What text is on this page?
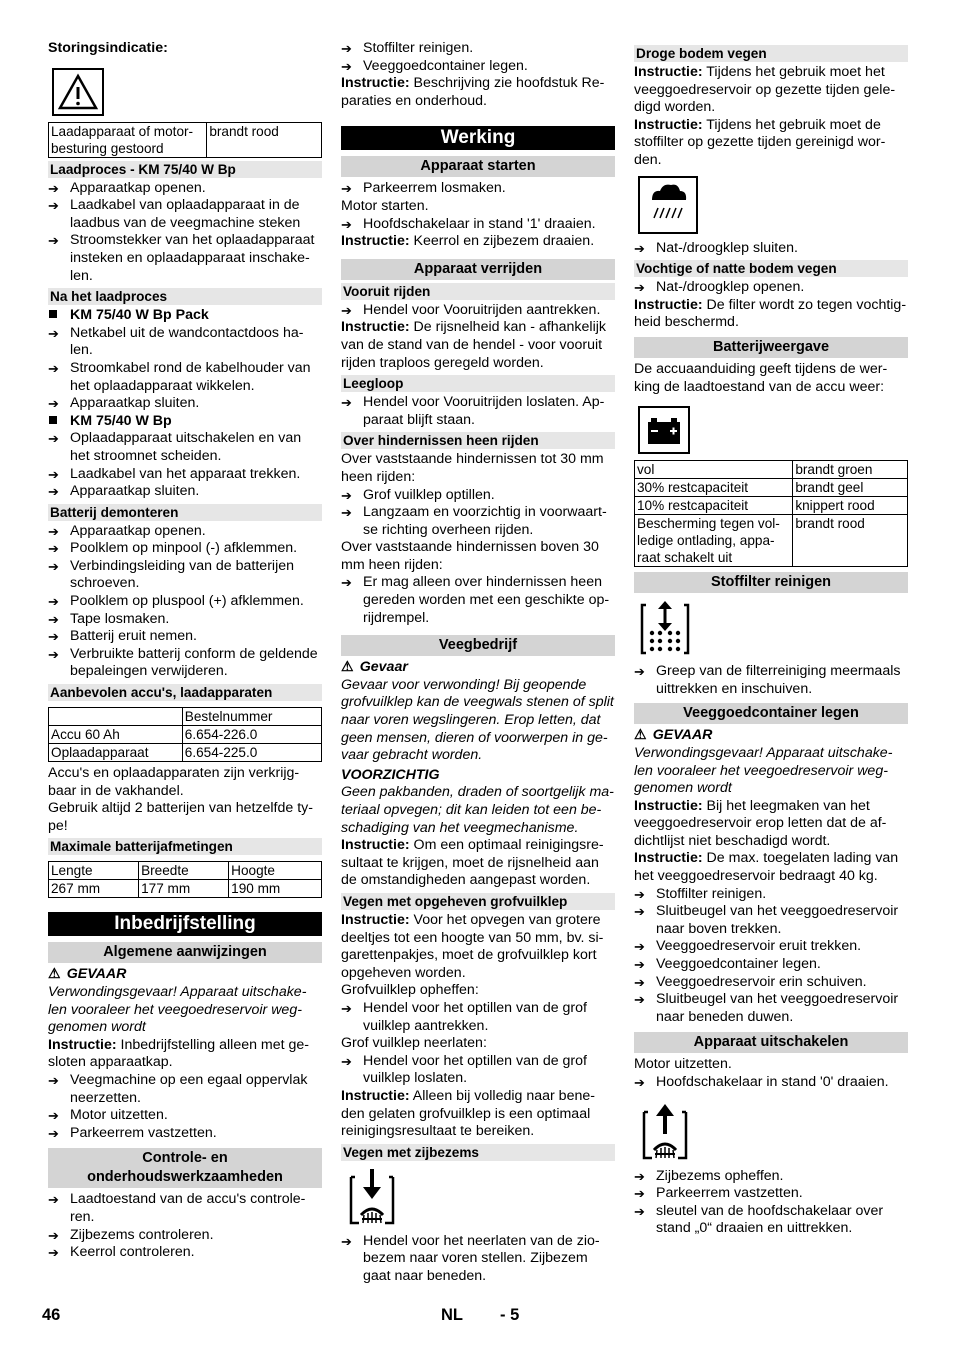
Storingsindicatie:
Laadapparaat of motor-besturing gestoord	brandt rood
Laadproces - KM 75/40 W Bp
➔ Apparaatkap openen.
➔ Laadkabel van oplaadapparaat in de laadbus van de veegmachine steken
➔ Stroomstekker van het oplaadapparaat insteken en oplaadapparaat inschake-len.
Na het laadproces
KM 75/40 W Bp Pack
➔ Netkabel uit de wandcontactdoos ha-len.
➔ Stroomkabel rond de kabelhouder van het oplaadapparaat wikkelen.
➔ Apparaatkap sluiten.
KM 75/40 W Bp
➔ Oplaadapparaat uitschakelen en van het stroomnet scheiden.
➔ Laadkabel van het apparaat trekken.
➔ Apparaatkap sluiten.
Batterij demonteren
➔ Apparaatkap openen.
➔ Poolklem op minpool (-) afklemmen.
➔ Verbindingsleiding van de batterijen schroeven.
➔ Poolklem op pluspool (+) afklemmen.
➔ Tape losmaken.
➔ Batterij eruit nemen.
➔ Verbruikte batterij conform de geldende bepaleingen verwijderen.
Aanbevolen accu's, laadapparaten
	Bestelnummer
Accu 60 Ah	6.654-226.0
Oplaadapparaat	6.654-225.0

Accu's en oplaadapparaten zijn verkrijg-baar in de vakhandel.

Gebruik altijd 2 batterijen van hetzelfde ty-pe!

Maximale batterijafmetingen
Lengte	Breedte	Hoogte
267 mm	177 mm	190 mm
Inbedrijfstelling
Algemene aanwijzingen
⚠ GEVAAR

Verwondingsgevaar! Apparaat uitschake-len vooraleer het veegoedreservoir weg-genomen wordt

Instructie: Inbedrijfstelling alleen met ge-sloten apparaatkap.

➔ Veegmachine op een egaal oppervlak neerzetten.
➔ Motor uitzetten.
➔ Parkeerrem vastzetten.
Controle- en onderhoudswerkzaamheden
➔ Laadtoestand van de accu's controle-ren.
➔ Zijbezems controleren.
➔ Keerrol controleren.
➔ Stoffilter reinigen.
➔ Veeggoedcontainer legen.

Instructie: Beschrijving zie hoofdstuk Re-paraties en onderhoud.

Werking
Apparaat starten
➔ Parkeerrem losmaken.

Motor starten.

➔ Hoofdschakelaar in stand '1' draaien.

Instructie: Keerrol en zijbezem draaien.

Apparaat verrijden
Vooruit rijden
➔ Hendel voor Vooruitrijden aantrekken.

Instructie: De rijsnelheid kan - afhankelijk van de stand van de hendel - voor vooruit rijden traploos geregeld worden.

Leegloop
➔ Hendel voor Vooruitrijden loslaten. Ap-paraat blijft staan.
Over hindernissen heen rijden

Over vaststaande hindernissen tot 30 mm heen rijden:

➔ Grof vuilklep optillen.
➔ Langzaam en voorzichtig in voorwaart-se richting overheen rijden.

Over vaststaande hindernissen boven 30 mm heen rijden:

➔ Er mag alleen over hindernissen heen gereden worden met een geschikte op-rijdrempel.
Veegbedrijf
⚠ Gevaar

Gevaar voor verwonding! Bij geopende grofvuilklep kan de veegwals stenen of split naar voren wegslingeren. Erop letten, dat geen mensen, dieren of voorwerpen in ge-vaar gebracht worden.

VOORZICHTIG

Geen pakbanden, draden of soortgelijk ma-teriaal opvegen; dit kan leiden tot een be-schadiging van het veegmechanisme.

Instructie: Om een optimaal reinigingsre-sultaat te krijgen, moet de rijsnelheid aan de omstandigheden aangepast worden.

Vegen met opgeheven grofvuilklep

Instructie: Voor het opvegen van grotere deeltjes tot een hoogte van 50 mm, bv. si-garettenpakjes, moet de grofvuilklep kort opgeheven worden.

Grofvuilklep opheffen:

➔ Hendel voor het optillen van de grof vuilklep aantrekken.

Grof vuilklep neerlaten:

➔ Hendel voor het optillen van de grof vuilklep loslaten.

Instructie: Alleen bij volledig naar bene-den gelaten grofvuilklep is een optimaal reinigingsresultaat te bereiken.

Vegen met zijbezems
➔ Hendel voor het neerlaten van de zio-bezem naar voren stellen. Zijbezem gaat naar beneden.
Droge bodem vegen

Instructie: Tijdens het gebruik moet het veeggoedreservoir op gezette tijden gele-digd worden.

Instructie: Tijdens het gebruik moet de stoffilter op gezette tijden gereinigd wor-den.

➔ Nat-/droogklep sluiten.
Vochtige of natte bodem vegen
➔ Nat-/droogklep openen.

Instructie: De filter wordt zo tegen vochtig-heid beschermd.

Batterijweergave

De accuaanduiding geeft tijdens de wer-king de laadtoestand van de accu weer:

vol	brandt groen
30% restcapaciteit	brandt geel
10% restcapaciteit	knippert rood
Bescherming tegen vol-ledige ontlading, appa-raat schakelt uit	brandt rood
Stoffilter reinigen
➔ Greep van de filterreiniging meermaals uittrekken en inschuiven.
Veeggoedcontainer legen
⚠ GEVAAR

Verwondingsgevaar! Apparaat uitschake-len vooraleer het veegoedreservoir weg-genomen wordt

Instructie: Bij het leegmaken van het veeggoedreservoir erop letten dat de af-dichtlijst niet beschadigd wordt.

Instructie: De max. toegelaten lading van het veeggoedreservoir bedraagt 40 kg.

➔ Stoffilter reinigen.
➔ Sluitbeugel van het veeggoedreservoir naar boven trekken.
➔ Veeggoedreservoir eruit trekken.
➔ Veeggoedcontainer legen.
➔ Veeggoedreservoir erin schuiven.
➔ Sluitbeugel van het veeggoedreservoir naar beneden duwen.
Apparaat uitschakelen

Motor uitzetten.

➔ Hoofdschakelaar in stand '0' draaien.
➔ Zijbezems opheffen.
➔ Parkeerrem vastzetten.
➔ sleutel van de hoofdschakelaar over stand „0“ draaien en uittrekken.
46	NL - 5
